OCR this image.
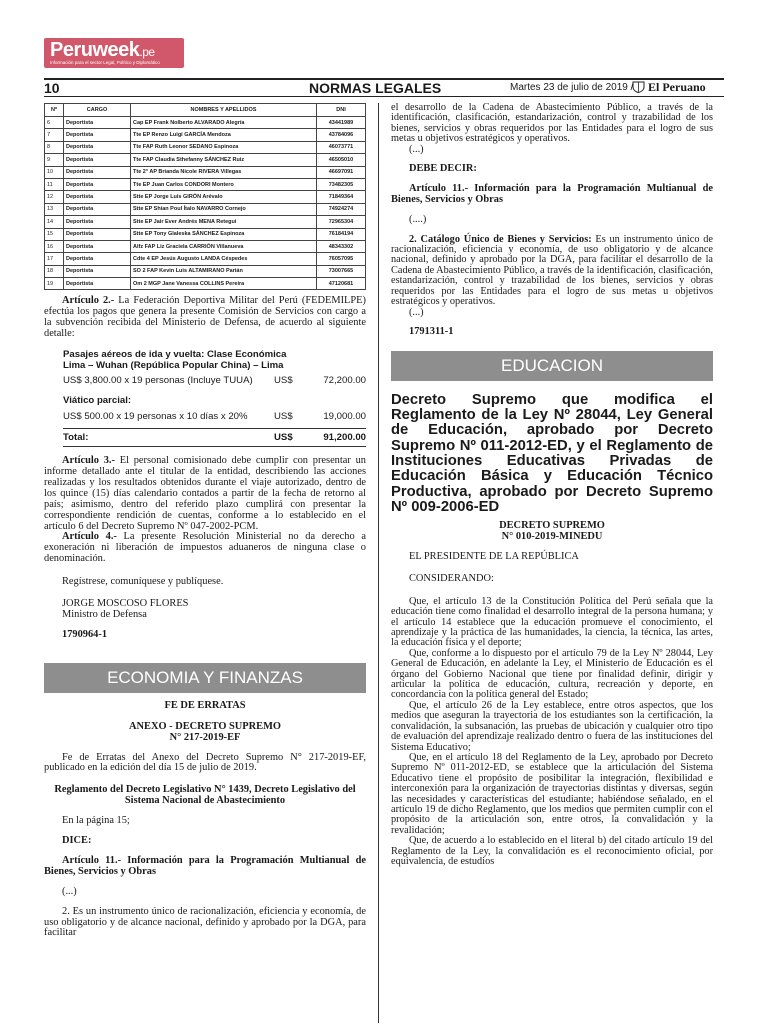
Peruweek.pe
Información para el sector Legal, Político y Diplomático
10	NORMAS LEGALES	Martes 23 de julio de 2019 / El Peruano
Nº	CARGO	NOMBRES Y APELLIDOS	DNI
6	Deportista	Cap EP Frank Nolberto ALVARADO Alegría	43441989
7	Deportista	Tte EP Renzo Luigi GARCÍA Mendoza	43784096
8	Deportista	Tte FAP Ruth Leonor SEDANO Espinoza	46073771
9	Deportista	Tte FAP Claudia Sthefanny SÁNCHEZ Ruiz	46505010
10	Deportista	Tte 2° AP Brianda Nicole RIVERA Villegas	46697091
11	Deportista	Tte EP Juan Carlos CONDORI Montero	73482305
12	Deportista	Stte EP Jorge Luis GIRÓN Arévalo	71849364
13	Deportista	Stte EP Shian Poul Ítalo NAVARRO Cornejo	74924274
14	Deportista	Stte EP Jair Ever Andrés MENA Retegui	72965304
15	Deportista	Stte EP Tony Glaleska SÁNCHEZ Espinoza	76184194
16	Deportista	Alfz FAP Liz Graciela CARRIÓN Villanueva	48343302
17	Deportista	Cdte 4 EP Jesús Augusto LANDA Céspedes	76057095
18	Deportista	SO 2 FAP Kevin Luis ALTAMIRANO Parián	73007665
19	Deportista	Om 2 MGP Jane Vanessa COLLINS Pereira	47120681

Artículo 2.- La Federación Deportiva Militar del Perú (FEDEMILPE) efectúa los pagos que genera la presente Comisión de Servicios con cargo a la subvención recibida del Ministerio de Defensa, de acuerdo al siguiente detalle:

Pasajes aéreos de ida y vuelta: Clase Económica
Lima – Wuhan (República Popular China) – Lima
US$ 3,800.00 x 19 personas (Incluye TUUA) US$	72,200.00
Viático parcial:
US$ 500.00 x 19 personas x 10 días x 20%	US$	19,000.00
Total:	US$	91,200.00

Artículo 3.- El personal comisionado debe cumplir con presentar un informe detallado ante el titular de la entidad, describiendo las acciones realizadas y los resultados obtenidos durante el viaje autorizado, dentro de los quince (15) días calendario contados a partir de la fecha de retorno al país; asimismo, dentro del referido plazo cumplirá con presentar la correspondiente rendición de cuentas, conforme a lo establecido en el artículo 6 del Decreto Supremo Nº 047-2002-PCM.

Artículo 4.- La presente Resolución Ministerial no da derecho a exoneración ni liberación de impuestos aduaneros de ninguna clase o denominación.

Regístrese, comuníquese y publíquese.

JORGE MOSCOSO FLORES

Ministro de Defensa

1790964-1

ECONOMIA Y FINANZAS

FE DE ERRATAS

ANEXO - DECRETO SUPREMO

N° 217-2019-EF

Fe de Erratas del Anexo del Decreto Supremo N° 217-2019-EF, publicado en la edición del día 15 de julio de 2019.

Reglamento del Decreto Legislativo N° 1439, Decreto Legislativo del Sistema Nacional de Abastecimiento

En la página 15;

DICE:

Artículo 11.- Información para la Programación Multianual de Bienes, Servicios y Obras

(...)

2. Es un instrumento único de racionalización, eficiencia y economía, de uso obligatorio y de alcance nacional, definido y aprobado por la DGA, para facilitar

el desarrollo de la Cadena de Abastecimiento Público, a través de la identificación, clasificación, estandarización, control y trazabilidad de los bienes, servicios y obras requeridos por las Entidades para el logro de sus metas u objetivos estratégicos y operativos.

(...)

DEBE DECIR:

Artículo 11.- Información para la Programación Multianual de Bienes, Servicios y Obras

(....)

2. Catálogo Único de Bienes y Servicios: Es un instrumento único de racionalización, eficiencia y economía, de uso obligatorio y de alcance nacional, definido y aprobado por la DGA, para facilitar el desarrollo de la Cadena de Abastecimiento Público, a través de la identificación, clasificación, estandarización, control y trazabilidad de los bienes, servicios y obras requeridos por las Entidades para el logro de sus metas u objetivos estratégicos y operativos.

(...)

1791311-1

EDUCACION
Decreto Supremo que modifica el Reglamento de la Ley Nº 28044, Ley General de Educación, aprobado por Decreto Supremo Nº 011-2012-ED, y el Reglamento de Instituciones Educativas Privadas de Educación Básica y Educación Técnico Productiva, aprobado por Decreto Supremo Nº 009-2006-ED

DECRETO SUPREMO

N° 010-2019-MINEDU

EL PRESIDENTE DE LA REPÚBLICA

CONSIDERANDO:

Que, el artículo 13 de la Constitución Política del Perú señala que la educación tiene como finalidad el desarrollo integral de la persona humana; y el artículo 14 establece que la educación promueve el conocimiento, el aprendizaje y la práctica de las humanidades, la ciencia, la técnica, las artes, la educación física y el deporte;

Que, conforme a lo dispuesto por el artículo 79 de la Ley Nº 28044, Ley General de Educación, en adelante la Ley, el Ministerio de Educación es el órgano del Gobierno Nacional que tiene por finalidad definir, dirigir y articular la política de educación, cultura, recreación y deporte, en concordancia con la política general del Estado;

Que, el artículo 26 de la Ley establece, entre otros aspectos, que los medios que aseguran la trayectoria de los estudiantes son la certificación, la convalidación, la subsanación, las pruebas de ubicación y cualquier otro tipo de evaluación del aprendizaje realizado dentro o fuera de las instituciones del Sistema Educativo;

Que, en el artículo 18 del Reglamento de la Ley, aprobado por Decreto Supremo Nº 011-2012-ED, se establece que la articulación del Sistema Educativo tiene el propósito de posibilitar la integración, flexibilidad e interconexión para la organización de trayectorias distintas y diversas, según las necesidades y características del estudiante; habiéndose señalado, en el artículo 19 de dicho Reglamento, que los medios que permiten cumplir con el propósito de la articulación son, entre otros, la convalidación y la revalidación;

Que, de acuerdo a lo establecido en el literal b) del citado artículo 19 del Reglamento de la Ley, la convalidación es el reconocimiento oficial, por equivalencia, de estudios
